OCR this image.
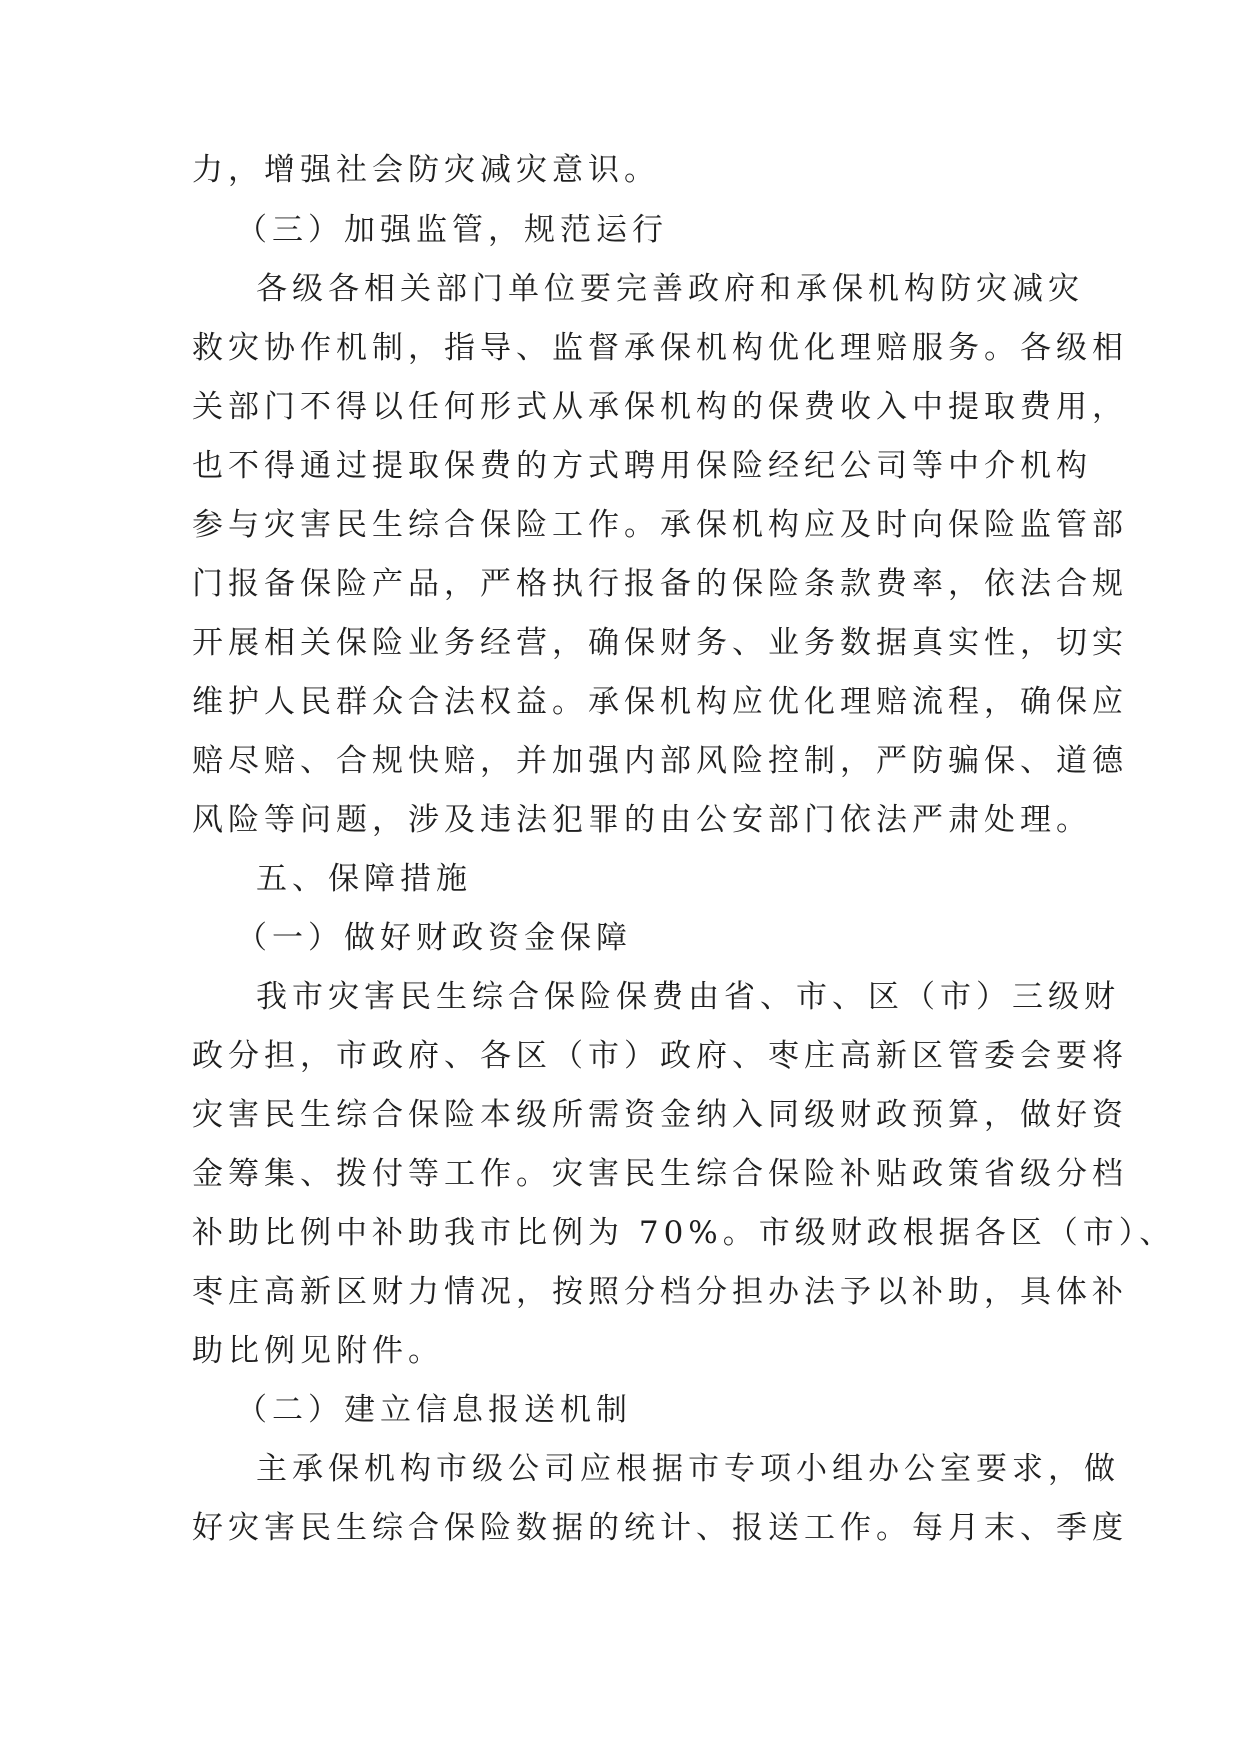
力，增强社会防灾减灾意识。

（三）加强监管，规范运行

各级各相关部门单位要完善政府和承保机构防灾减灾

救灾协作机制，指导、监督承保机构优化理赔服务。各级相

关部门不得以任何形式从承保机构的保费收入中提取费用，

也不得通过提取保费的方式聘用保险经纪公司等中介机构

参与灾害民生综合保险工作。承保机构应及时向保险监管部

门报备保险产品，严格执行报备的保险条款费率，依法合规

开展相关保险业务经营，确保财务、业务数据真实性，切实

维护人民群众合法权益。承保机构应优化理赔流程，确保应

赔尽赔、合规快赔，并加强内部风险控制，严防骗保、道德

风险等问题，涉及违法犯罪的由公安部门依法严肃处理。

五、保障措施

（一）做好财政资金保障

我市灾害民生综合保险保费由省、市、区（市）三级财

政分担，市政府、各区（市）政府、枣庄高新区管委会要将

灾害民生综合保险本级所需资金纳入同级财政预算，做好资

金筹集、拨付等工作。灾害民生综合保险补贴政策省级分档

补助比例中补助我市比例为 70%。市级财政根据各区（市）、

枣庄高新区财力情况，按照分档分担办法予以补助，具体补

助比例见附件。

（二）建立信息报送机制

主承保机构市级公司应根据市专项小组办公室要求，做

好灾害民生综合保险数据的统计、报送工作。每月末、季度
